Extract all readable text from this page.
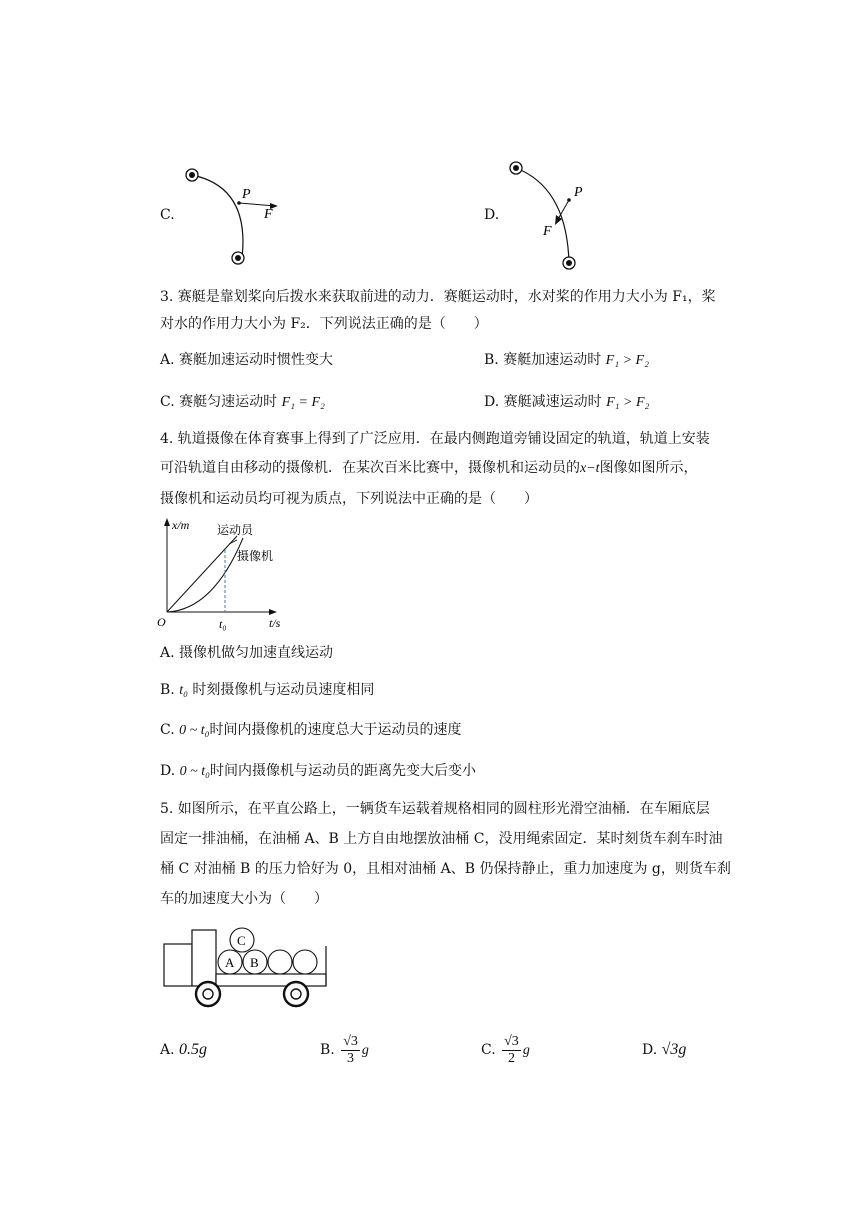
C.
P
F	D.
P
F
3. 赛艇是靠划桨向后拨水来获取前进的动力．赛艇运动时，水对桨的作用力大小为 F₁，桨
对水的作用力大小为 F₂．下列说法正确的是（　　）
A. 赛艇加速运动时惯性变大	B. 赛艇加速运动时 F₁ > F₂
C. 赛艇匀速运动时 F₁ = F₂	D. 赛艇减速运动时 F₁ > F₂
4. 轨道摄像在体育赛事上得到了广泛应用．在最内侧跑道旁铺设固定的轨道，轨道上安装
可沿轨道自由移动的摄像机．在某次百米比赛中，摄像机和运动员的x−t图像如图所示，
摄像机和运动员均可视为质点，下列说法中正确的是（　　）
x/m
t/s
O	t₀
运动员
摄像机
A. 摄像机做匀加速直线运动
B. t₀ 时刻摄像机与运动员速度相同
C. 0 ~ t₀时间内摄像机的速度总大于运动员的速度
D. 0 ~ t₀时间内摄像机与运动员的距离先变大后变小
5. 如图所示，在平直公路上，一辆货车运载着规格相同的圆柱形光滑空油桶．在车厢底层
固定一排油桶，在油桶 A、B 上方自由地摆放油桶 C，没用绳索固定．某时刻货车刹车时油
桶 C 对油桶 B 的压力恰好为 0，且相对油桶 A、B 仍保持静止，重力加速度为 g，则货车刹
车的加速度大小为（　　）
A B
C
A. 0.5g	B. $\frac{√3}{3}$ g	C. $\frac{√3}{2}$ g	D. √3g
